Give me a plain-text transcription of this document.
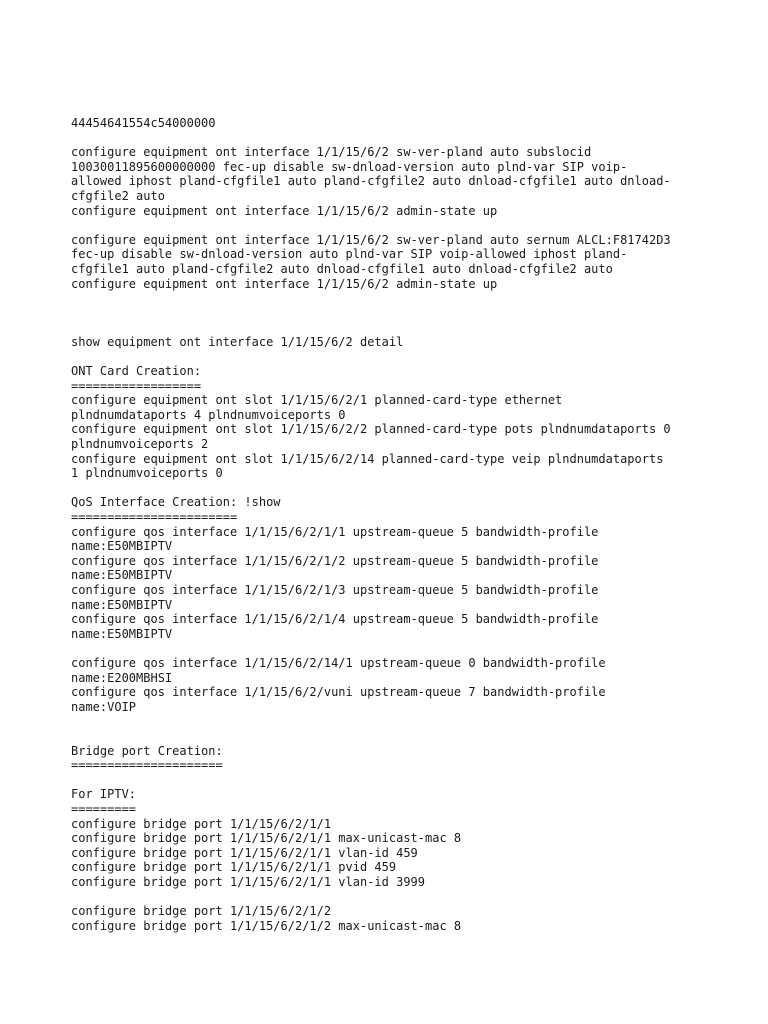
44454641554c54000000
configure equipment ont interface 1/1/15/6/2 sw-ver-pland auto subslocid
10030011895600000000 fec-up disable sw-dnload-version auto plnd-var SIP voip-
allowed iphost pland-cfgfile1 auto pland-cfgfile2 auto dnload-cfgfile1 auto dnload-
cfgfile2 auto
configure equipment ont interface 1/1/15/6/2 admin-state up
configure equipment ont interface 1/1/15/6/2 sw-ver-pland auto sernum ALCL:F81742D3
fec-up disable sw-dnload-version auto plnd-var SIP voip-allowed iphost pland-
cfgfile1 auto pland-cfgfile2 auto dnload-cfgfile1 auto dnload-cfgfile2 auto
configure equipment ont interface 1/1/15/6/2 admin-state up
show equipment ont interface 1/1/15/6/2 detail
ONT Card Creation:
==================
configure equipment ont slot 1/1/15/6/2/1 planned-card-type ethernet
plndnumdataports 4 plndnumvoiceports 0
configure equipment ont slot 1/1/15/6/2/2 planned-card-type pots plndnumdataports 0
plndnumvoiceports 2
configure equipment ont slot 1/1/15/6/2/14 planned-card-type veip plndnumdataports
1 plndnumvoiceports 0
QoS Interface Creation: !show
=======================
configure qos interface 1/1/15/6/2/1/1 upstream-queue 5 bandwidth-profile
name:E50MBIPTV
configure qos interface 1/1/15/6/2/1/2 upstream-queue 5 bandwidth-profile
name:E50MBIPTV
configure qos interface 1/1/15/6/2/1/3 upstream-queue 5 bandwidth-profile
name:E50MBIPTV
configure qos interface 1/1/15/6/2/1/4 upstream-queue 5 bandwidth-profile
name:E50MBIPTV
configure qos interface 1/1/15/6/2/14/1 upstream-queue 0 bandwidth-profile
name:E200MBHSI
configure qos interface 1/1/15/6/2/vuni upstream-queue 7 bandwidth-profile
name:VOIP
Bridge port Creation:
=====================
For IPTV:
=========
configure bridge port 1/1/15/6/2/1/1
configure bridge port 1/1/15/6/2/1/1 max-unicast-mac 8
configure bridge port 1/1/15/6/2/1/1 vlan-id 459
configure bridge port 1/1/15/6/2/1/1 pvid 459
configure bridge port 1/1/15/6/2/1/1 vlan-id 3999
configure bridge port 1/1/15/6/2/1/2
configure bridge port 1/1/15/6/2/1/2 max-unicast-mac 8
